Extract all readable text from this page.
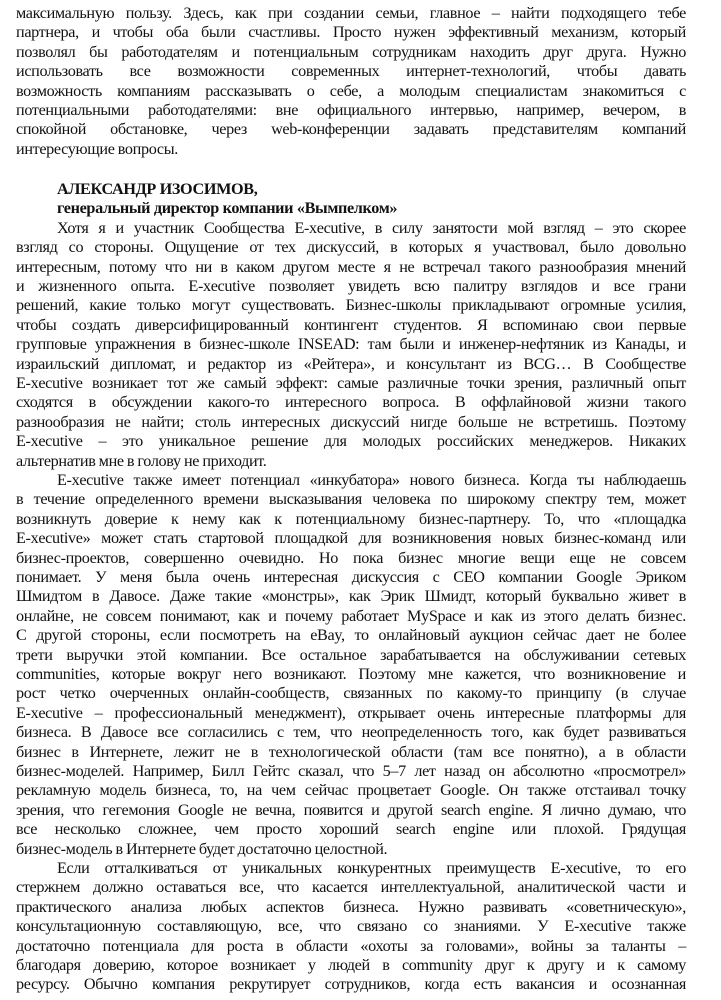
максимальную пользу. Здесь, как при создании семьи, главное – найти подходящего тебе
партнера, и чтобы оба были счастливы. Просто нужен эффективный механизм, который
позволял бы работодателям и потенциальным сотрудникам находить друг друга. Нужно
использовать все возможности современных интернет-технологий, чтобы давать
возможность компаниям рассказывать о себе, а молодым специалистам знакомиться с
потенциальными работодателями: вне официального интервью, например, вечером, в
спокойной обстановке, через web-конференции задавать представителям компаний
интересующие вопросы.
АЛЕКСАНДР ИЗОСИМОВ,
генеральный директор компании «Вымпелком»
Хотя я и участник Сообщества E-xecutive, в силу занятости мой взгляд – это скорее
взгляд со стороны. Ощущение от тех дискуссий, в которых я участвовал, было довольно
интересным, потому что ни в каком другом месте я не встречал такого разнообразия мнений
и жизненного опыта. E-xecutive позволяет увидеть всю палитру взглядов и все грани
решений, какие только могут существовать. Бизнес-школы прикладывают огромные усилия,
чтобы создать диверсифицированный контингент студентов. Я вспоминаю свои первые
групповые упражнения в бизнес-школе INSEAD: там были и инженер-нефтяник из Канады, и
израильский дипломат, и редактор из «Рейтера», и консультант из BCG… В Сообществе
E-xecutive возникает тот же самый эффект: самые различные точки зрения, различный опыт
сходятся в обсуждении какого-то интересного вопроса. В оффлайновой жизни такого
разнообразия не найти; столь интересных дискуссий нигде больше не встретишь. Поэтому
E-xecutive – это уникальное решение для молодых российских менеджеров. Никаких
альтернатив мне в голову не приходит.
E-xecutive также имеет потенциал «инкубатора» нового бизнеса. Когда ты наблюдаешь
в течение определенного времени высказывания человека по широкому спектру тем, может
возникнуть доверие к нему как к потенциальному бизнес-партнеру. То, что «площадка
E-xecutive» может стать стартовой площадкой для возникновения новых бизнес-команд или
бизнес-проектов, совершенно очевидно. Но пока бизнес многие вещи еще не совсем
понимает. У меня была очень интересная дискуссия с CEO компании Google Эриком
Шмидтом в Давосе. Даже такие «монстры», как Эрик Шмидт, который буквально живет в
онлайне, не совсем понимают, как и почему работает MySpace и как из этого делать бизнес.
С другой стороны, если посмотреть на eBay, то онлайновый аукцион сейчас дает не более
трети выручки этой компании. Все остальное зарабатывается на обслуживании сетевых
communities, которые вокруг него возникают. Поэтому мне кажется, что возникновение и
рост четко очерченных онлайн-сообществ, связанных по какому-то принципу (в случае
E-xecutive – профессиональный менеджмент), открывает очень интересные платформы для
бизнеса. В Давосе все согласились с тем, что неопределенность того, как будет развиваться
бизнес в Интернете, лежит не в технологической области (там все понятно), а в области
бизнес-моделей. Например, Билл Гейтс сказал, что 5–7 лет назад он абсолютно «просмотрел»
рекламную модель бизнеса, то, на чем сейчас процветает Google. Он также отстаивал точку
зрения, что гегемония Google не вечна, появится и другой search engine. Я лично думаю, что
все несколько сложнее, чем просто хороший search engine или плохой. Грядущая
бизнес-модель в Интернете будет достаточно целостной.
Если отталкиваться от уникальных конкурентных преимуществ E-xecutive, то его
стержнем должно оставаться все, что касается интеллектуальной, аналитической части и
практического анализа любых аспектов бизнеса. Нужно развивать «советническую»,
консультационную составляющую, все, что связано со знаниями. У E-xecutive также
достаточно потенциала для роста в области «охоты за головами», войны за таланты –
благодаря доверию, которое возникает у людей в community друг к другу и к самому
ресурсу. Обычно компания рекрутирует сотрудников, когда есть вакансия и осознанная
